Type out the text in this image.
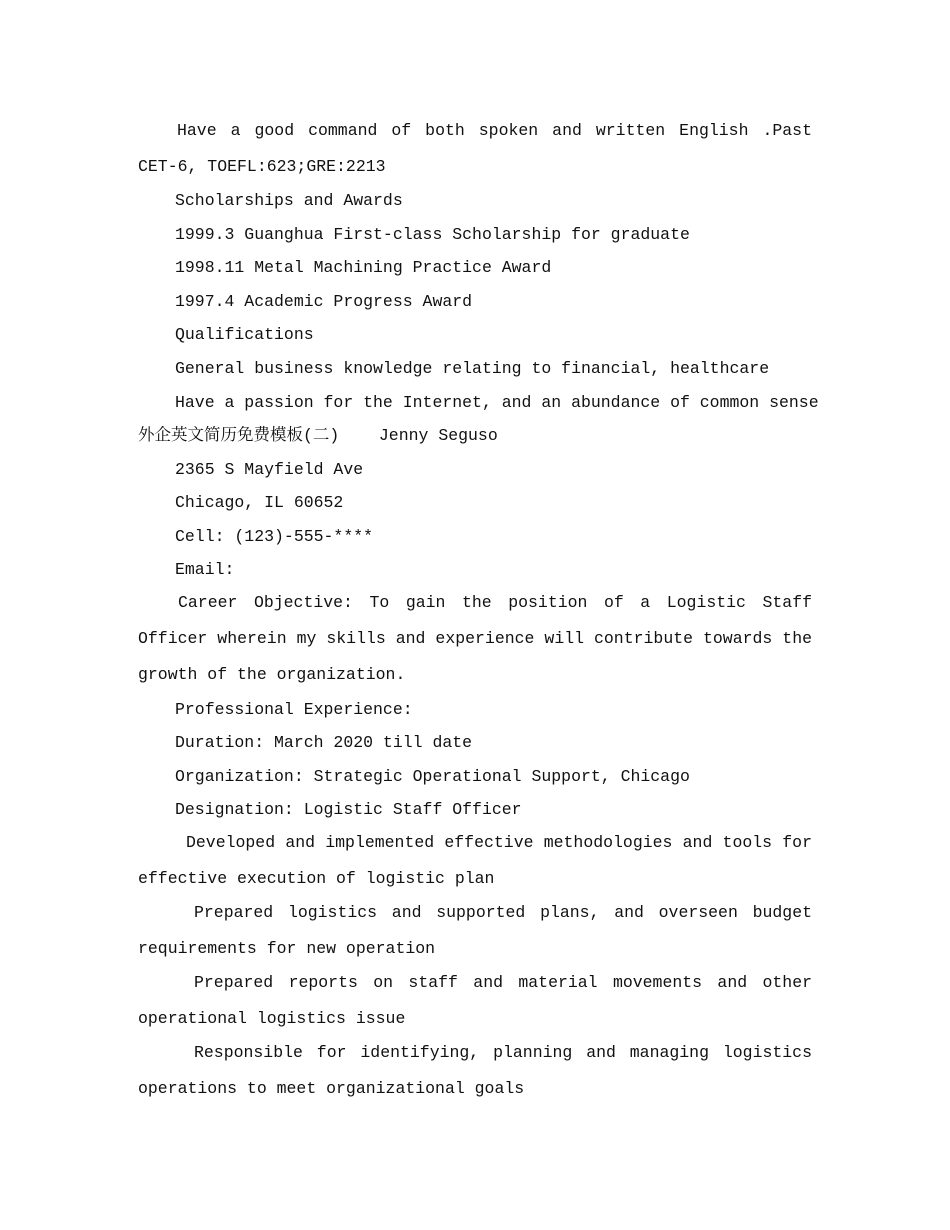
Have a good command of both spoken and written English .Past CET-6, TOEFL:623;GRE:2213

Scholarships and Awards
1999.3 Guanghua First-class Scholarship for graduate
1998.11 Metal Machining Practice Award
1997.4 Academic Progress Award
Qualifications
General business knowledge relating to financial, healthcare
Have a passion for the Internet, and an abundance of common sense
外企英文简历免费模板(二)    Jenny Seguso
2365 S Mayfield Ave
Chicago, IL 60652
Cell: (123)-555-****
Email:

Career Objective: To gain the position of a Logistic Staff Officer wherein my skills and experience will contribute towards the growth of the organization.

Professional Experience:
Duration: March 2020 till date
Organization: Strategic Operational Support, Chicago
Designation: Logistic Staff Officer

Developed and implemented effective methodologies and tools for effective execution of logistic plan

Prepared logistics and supported plans, and overseen budget requirements for new operation

Prepared reports on staff and material movements and other operational logistics issue

Responsible for identifying, planning and managing logistics operations to meet organizational goals
